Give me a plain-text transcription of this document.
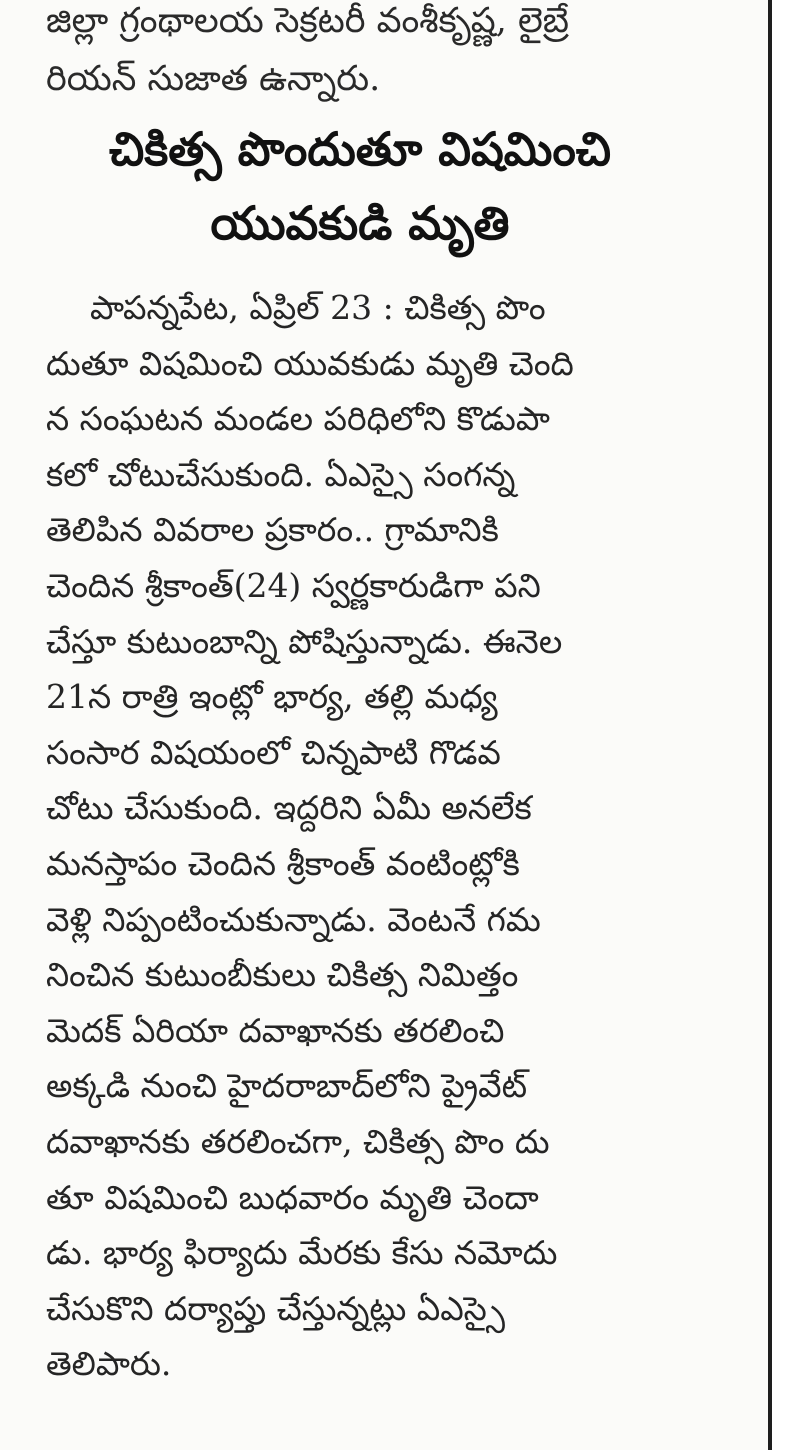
జిల్లా గ్రంథాలయ సెక్రటరీ వంశీకృష్ణ, లైబ్రే
రియన్ సుజాత ఉన్నారు.
చికిత్స పొందుతూ విషమించి
యువకుడి మృతి
పాపన్నపేట, ఏప్రిల్ 23 : చికిత్స పొం
దుతూ విషమించి యువకుడు మృతి చెంది
న సంఘటన మండల పరిధిలోని కొడుపా
కలో చోటుచేసుకుంది. ఏఎస్సై సంగన్న
తెలిపిన వివరాల ప్రకారం.. గ్రామానికి
చెందిన శ్రీకాంత్(24) స్వర్ణకారుడిగా పని
చేస్తూ కుటుంబాన్ని పోషిస్తున్నాడు. ఈనెల
21న రాత్రి ఇంట్లో భార్య, తల్లి మధ్య
సంసార విషయంలో చిన్నపాటి గొడవ
చోటు చేసుకుంది. ఇద్దరిని ఏమీ అనలేక
మనస్తాపం చెందిన శ్రీకాంత్ వంటింట్లోకి
వెళ్లి నిప్పంటించుకున్నాడు. వెంటనే గమ
నించిన కుటుంబీకులు చికిత్స నిమిత్తం
మెదక్ ఏరియా దవాఖానకు తరలించి
అక్కడి నుంచి హైదరాబాద్‌లోని ప్రైవేట్
దవాఖానకు తరలించగా, చికిత్స పొం దు
తూ విషమించి బుధవారం మృతి చెందా
డు. భార్య ఫిర్యాదు మేరకు కేసు నమోదు
చేసుకొని దర్యాప్తు చేస్తున్నట్లు ఏఎస్సై
తెలిపారు.
